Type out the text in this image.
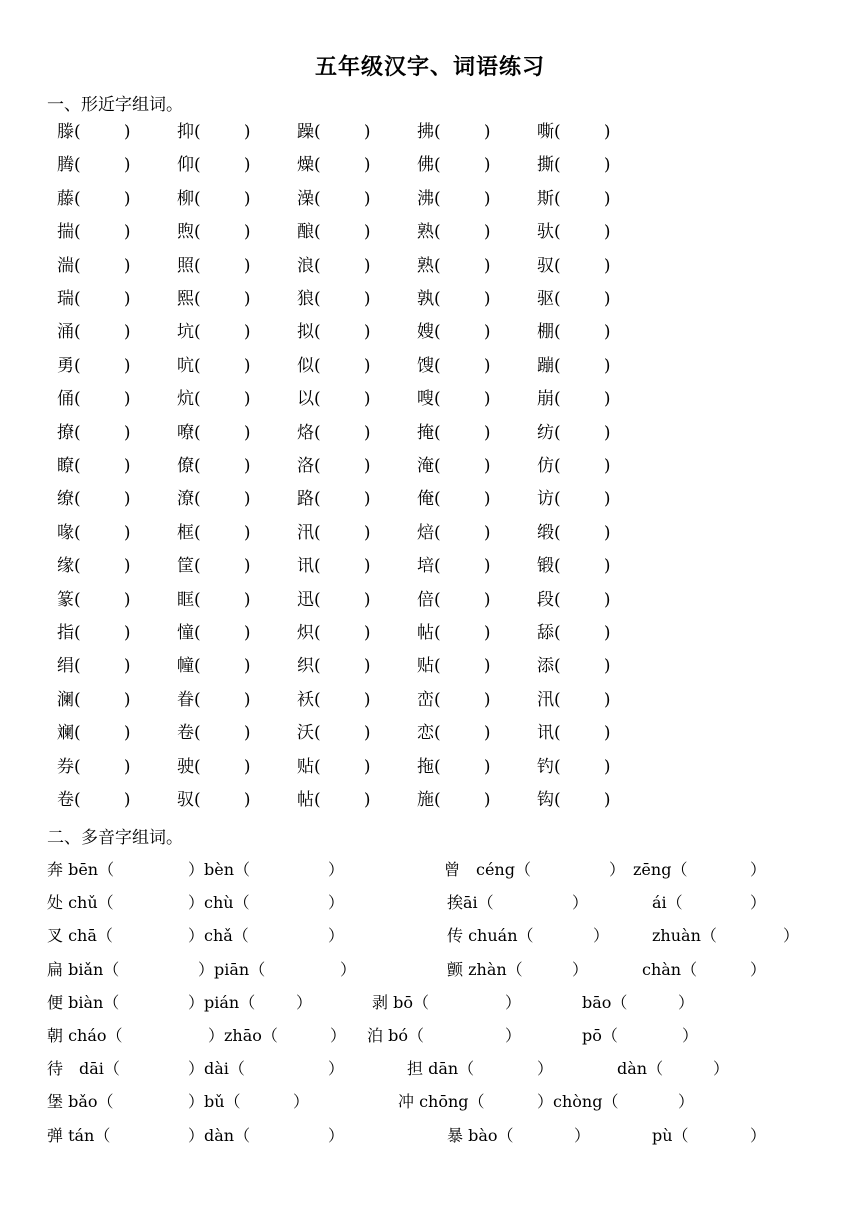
五年级汉字、词语练习
一、形近字组词。
滕(        )	抑(        )	躁(        )	拂(        )	嘶(        )
腾(        )	仰(        )	燥(        )	佛(        )	撕(        )
藤(        )	柳(        )	澡(        )	沸(        )	斯(        )
揣(        )	煦(        )	酿(        )	熟(        )	驮(        )
湍(        )	照(        )	浪(        )	熟(        )	驭(        )
瑞(        )	熙(        )	狼(        )	孰(        )	驱(        )
涌(        )	坑(        )	拟(        )	嫂(        )	棚(        )
勇(        )	吭(        )	似(        )	馊(        )	蹦(        )
俑(        )	炕(        )	以(        )	嗖(        )	崩(        )
撩(        )	嘹(        )	烙(        )	掩(        )	纺(        )
瞭(        )	僚(        )	洛(        )	淹(        )	仿(        )
缭(        )	潦(        )	路(        )	俺(        )	访(        )
喙(        )	框(        )	汛(        )	焙(        )	缎(        )
缘(        )	筐(        )	讯(        )	培(        )	锻(        )
篆(        )	眶(        )	迅(        )	倍(        )	段(        )
指(        )	憧(        )	炽(        )	帖(        )	舔(        )
绢(        )	幢(        )	织(        )	贴(        )	添(        )
澜(        )	眷(        )	袄(        )	峦(        )	汛(        )
斓(        )	卷(        )	沃(        )	恋(        )	讯(        )
券(        )	驶(        )	贴(        )	拖(        )	钓(        )
卷(        )	驭(        )	帖(        )	施(        )	钩(        )
二、多音字组词。
奔 bēn（	）bèn（	）	曾　céng（	）　zēng（	）
处 chǔ（	）chù（	）	挨āi（	）	ái（	）
叉 chā（	）chǎ（	）	传 chuán（	）	zhuàn（	）
扁 biǎn（	）piān（	）	颤 zhàn（	）	chàn（	）
便 biàn（	）pián（	）	剥 bō（	）	bāo（	）
朝 cháo（	）zhāo（	） 泊 bó（	）	pō（	）
待　dāi（	）dài（	）	担 dān（	）	dàn（	）
堡 bǎo（	）bǔ（	）	冲 chōng（	）chòng（	）
弹 tán（	）dàn（	）	暴 bào（	）	pù（	）
